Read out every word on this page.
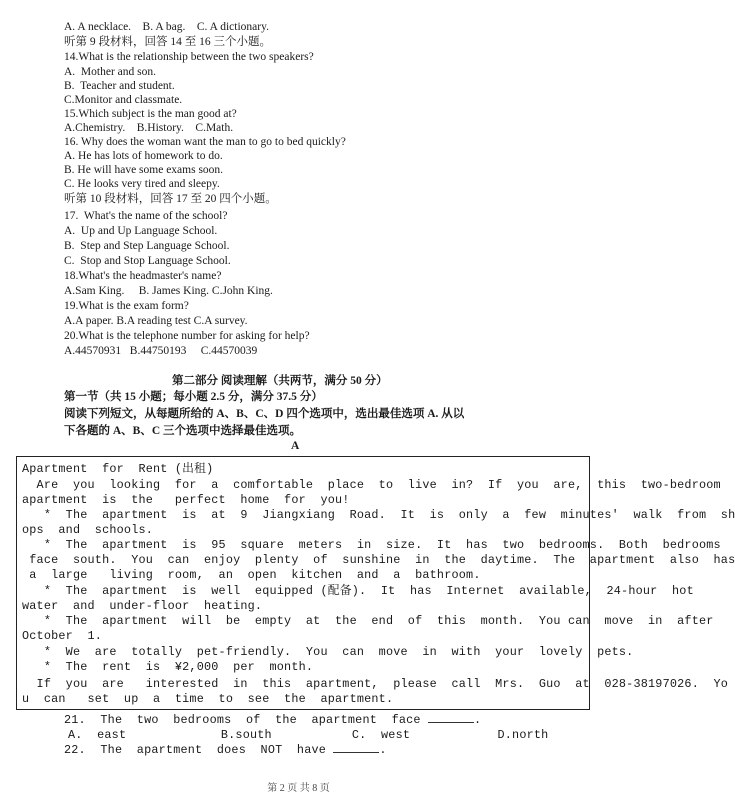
A. A necklace.    B. A bag.    C. A dictionary.
听第 9 段材料，回答 14 至 16 三个小题。
14.What is the relationship between the two speakers?
A.  Mother and son.
B.  Teacher and student.
C.Monitor and classmate.
15.Which subject is the man good at?
A.Chemistry.    B.History.    C.Math.
16. Why does the woman want the man to go to bed quickly?
A. He has lots of homework to do.
B. He will have some exams soon.
C. He looks very tired and sleepy.
听第 10 段材料，回答 17 至 20 四个小题。
17.  What's the name of the school?
A.  Up and Up Language School.
B.  Step and Step Language School.
C.  Stop and Stop Language School.
18.What's the headmaster's name?
A.Sam King.     B. James King. C.John King.
19.What is the exam form?
A.A paper. B.A reading test C.A survey.
20.What is the telephone number for asking for help?
A.44570931   B.44750193     C.44570039
第二部分 阅读理解（共两节，满分 50 分）
第一节（共 15 小题；每小题 2.5 分，满分 37.5 分）
阅读下列短文，从每题所给的 A、B、C、D 四个选项中，选出最佳选项 A. 从以
下各题的 A、B、C 三个选项中选择最佳选项。
A
Apartment  for  Rent (出租)
Are  you  looking  for  a  comfortable  place  to  live  in?  If  you  are,  this  two-bedroom
apartment  is  the   perfect  home  for  you!
*  The  apartment  is  at  9  Jiangxiang  Road.  It  is  only  a  few  minutes'  walk  from  sh
ops  and  schools.
*  The  apartment  is  95  square  meters  in  size.  It  has  two  bedrooms.  Both  bedrooms
face  south.  You  can  enjoy  plenty  of  sunshine  in  the  daytime.  The  apartment  also  has
a  large   living  room,  an  open  kitchen  and  a  bathroom.
*  The  apartment  is  well  equipped (配备).  It  has  Internet  available,  24-hour  hot
water  and  under-floor  heating.
*  The  apartment  will  be  empty  at  the  end  of  this  month.  You can  move  in  after
October  1.
*  We  are  totally  pet-friendly.  You  can  move  in  with  your  lovely  pets.
*  The  rent  is  ¥2,000  per  month.
If  you  are   interested  in  this  apartment,  please  call  Mrs.  Guo  at  028-38197026.  Yo
u  can   set  up  a  time  to  see  the  apartment.
21.  The  two  bedrooms  of  the  apartment  face	.
A.  east             B.south           C.  west            D.north
22.  The  apartment  does  NOT  have	.
第 2 页 共 8 页
